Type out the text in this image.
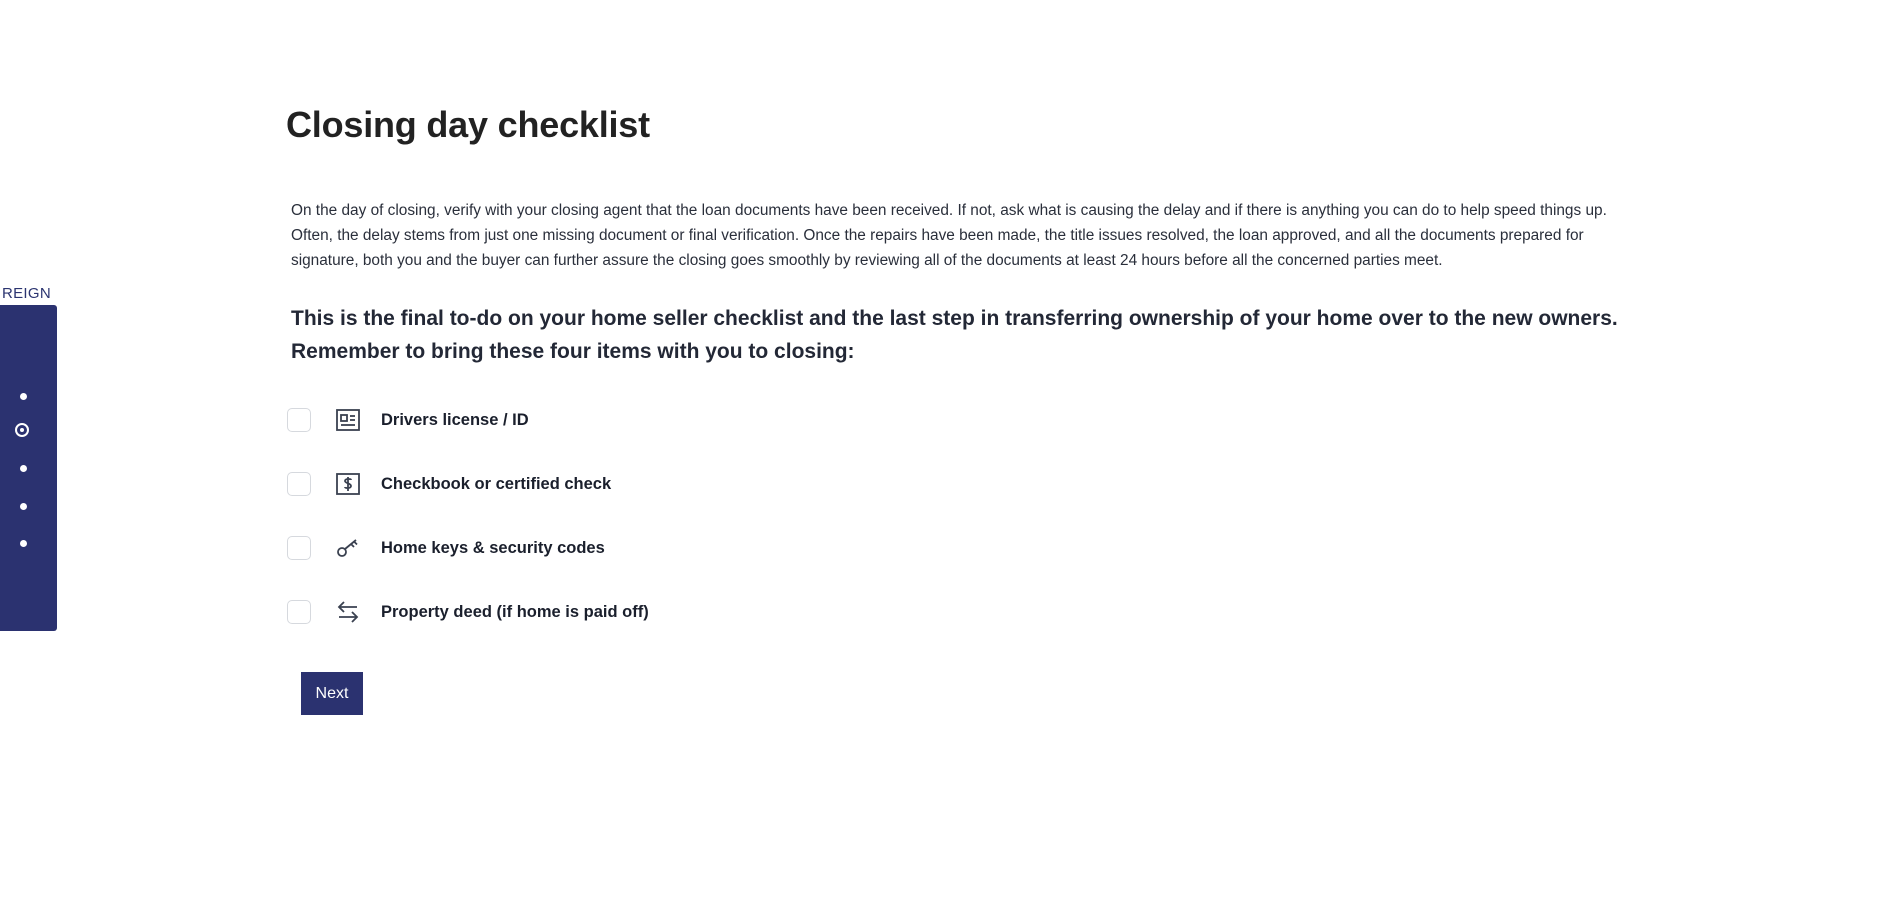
REIGN
Closing day checklist

On the day of closing, verify with your closing agent that the loan documents have been received. If not, ask what is causing the delay and if there is anything you can do to help speed things up. Often, the delay stems from just one missing document or final verification. Once the repairs have been made, the title issues resolved, the loan approved, and all the documents prepared for signature, both you and the buyer can further assure the closing goes smoothly by reviewing all of the documents at least 24 hours before all the concerned parties meet.

This is the final to-do on your home seller checklist and the last step in transferring ownership of your home over to the new owners. Remember to bring these four items with you to closing:

Drivers license / ID
Checkbook or certified check
Home keys & security codes
Property deed (if home is paid off)
Next
